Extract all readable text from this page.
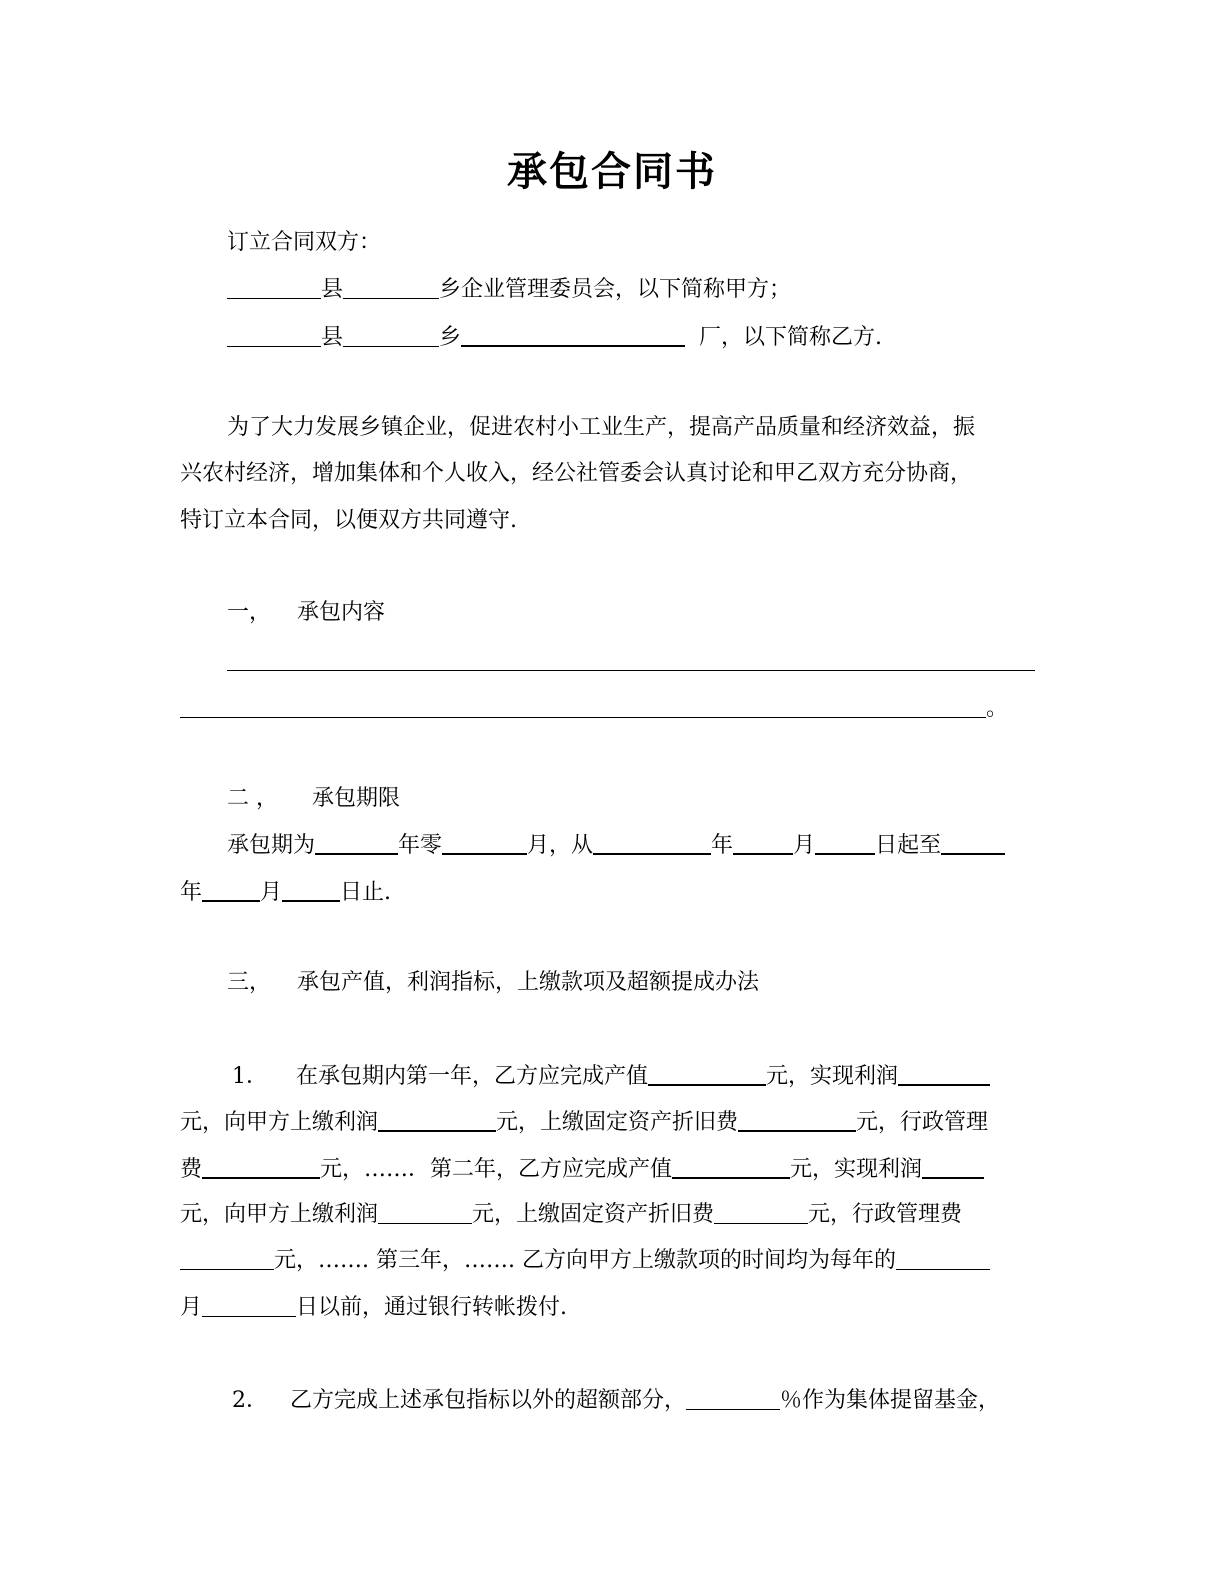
承包合同书
订立合同双方：
县	乡企业管理委员会，以下简称甲方；
县	乡	厂，以下简称乙方.
为了大力发展乡镇企业，促进农村小工业生产，提高产品质量和经济效益，振
兴农村经济，增加集体和个人收入，经公社管委会认真讨论和甲乙双方充分协商，
特订立本合同，以便双方共同遵守.
一， 承包内容
。
二 ， 承包期限
承包期为	年零	月，从	年	月	日起至
年	月	日止.
三， 承包产值，利润指标，上缴款项及超额提成办法
1． 在承包期内第一年，乙方应完成产值	元，实现利润
元，向甲方上缴利润	元，上缴固定资产折旧费	元，行政管理
费	元，……．第二年，乙方应完成产值	元，实现利润
元，向甲方上缴利润	元，上缴固定资产折旧费	元，行政管理费
元，……. 第三年，……. 乙方向甲方上缴款项的时间均为每年的
月	日以前，通过银行转帐拨付.
2． 乙方完成上述承包指标以外的超额部分，	％作为集体提留基金，
